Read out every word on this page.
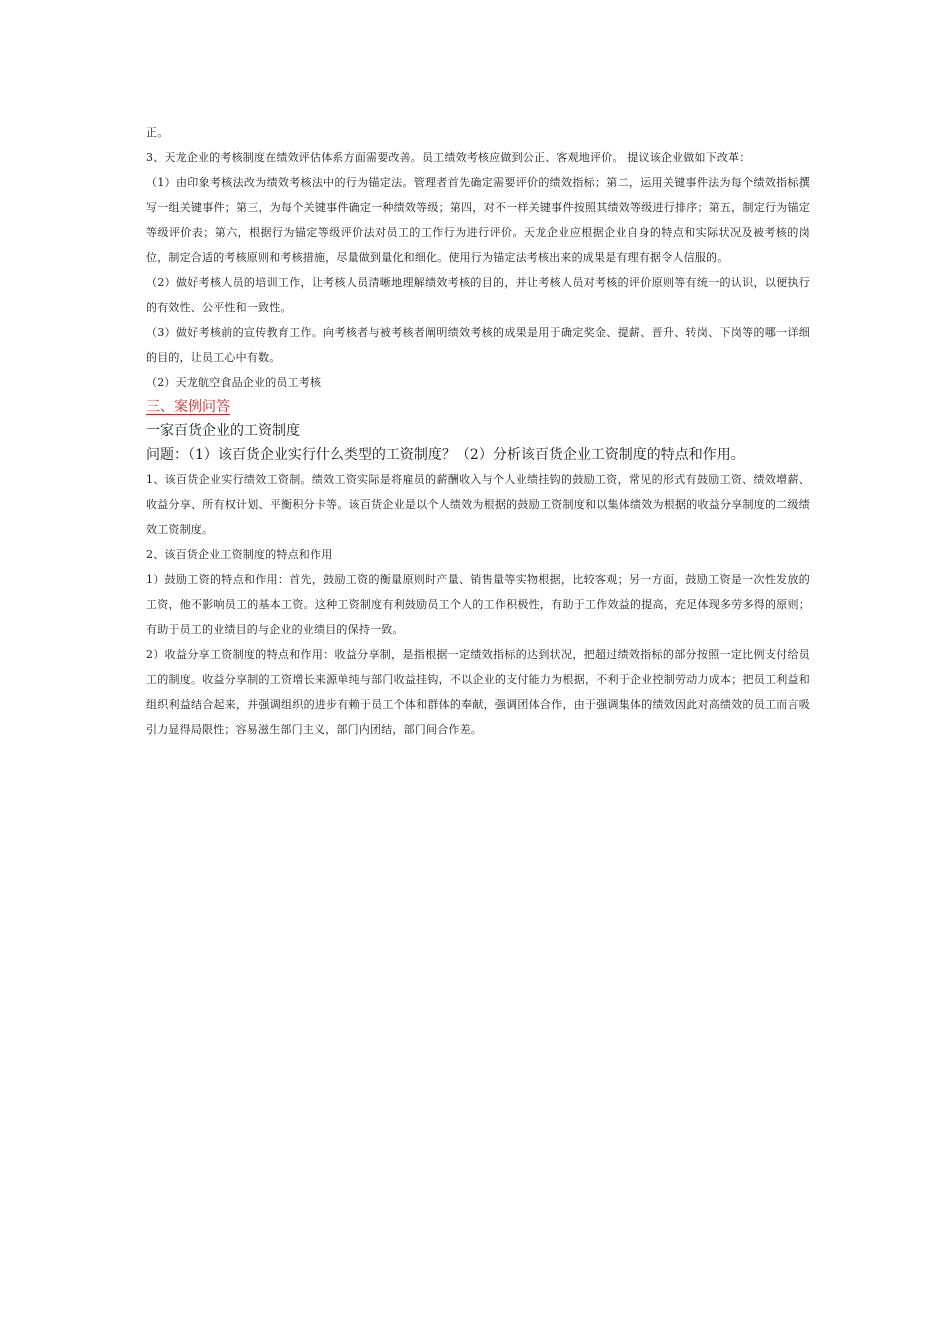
正。

3、天龙企业的考核制度在绩效评估体系方面需要改善。员工绩效考核应做到公正、客观地评价。 提议该企业做如下改革：

（1）由印象考核法改为绩效考核法中的行为锚定法。管理者首先确定需要评价的绩效指标；第二，运用关键事件法为每个绩效指标撰写一组关键事件；第三，为每个关键事件确定一种绩效等级；第四，对不一样关键事件按照其绩效等级进行排序；第五，制定行为锚定等级评价表；第六，根据行为锚定等级评价法对员工的工作行为进行评价。天龙企业应根据企业自身的特点和实际状况及被考核的岗位，制定合适的考核原则和考核措施，尽量做到量化和细化。使用行为锚定法考核出来的成果是有理有据令人信服的。

（2）做好考核人员的培训工作，让考核人员清晰地理解绩效考核的目的，并让考核人员对考核的评价原则等有统一的认识，以便执行的有效性、公平性和一致性。

（3）做好考核前的宣传教育工作。向考核者与被考核者阐明绩效考核的成果是用于确定奖金、提薪、晋升、转岗、下岗等的哪一详细的目的，让员工心中有数。

（2）天龙航空食品企业的员工考核

三、案例问答

一家百货企业的工资制度

问题：（1）该百货企业实行什么类型的工资制度？（2）分析该百货企业工资制度的特点和作用。

1、该百货企业实行绩效工资制。绩效工资实际是将雇员的薪酬收入与个人业绩挂钩的鼓励工资，常见的形式有鼓励工资、绩效增薪、收益分享、所有权计划、平衡积分卡等。该百货企业是以个人绩效为根据的鼓励工资制度和以集体绩效为根据的收益分享制度的二级绩效工资制度。

2、该百货企业工资制度的特点和作用

1）鼓励工资的特点和作用：首先，鼓励工资的衡量原则时产量、销售量等实物根据，比较客观；另一方面，鼓励工资是一次性发放的工资，他不影响员工的基本工资。这种工资制度有利鼓励员工个人的工作积极性，有助于工作效益的提高，充足体现多劳多得的原则；有助于员工的业绩目的与企业的业绩目的保持一致。

2）收益分享工资制度的特点和作用：收益分享制，是指根据一定绩效指标的达到状况，把超过绩效指标的部分按照一定比例支付给员工的制度。收益分享制的工资增长来源单纯与部门收益挂钩，不以企业的支付能力为根据，不利于企业控制劳动力成本；把员工利益和组织利益结合起来，并强调组织的进步有赖于员工个体和群体的奉献，强调团体合作，由于强调集体的绩效因此对高绩效的员工而言吸引力显得局限性；容易滋生部门主义，部门内团结，部门间合作差。
